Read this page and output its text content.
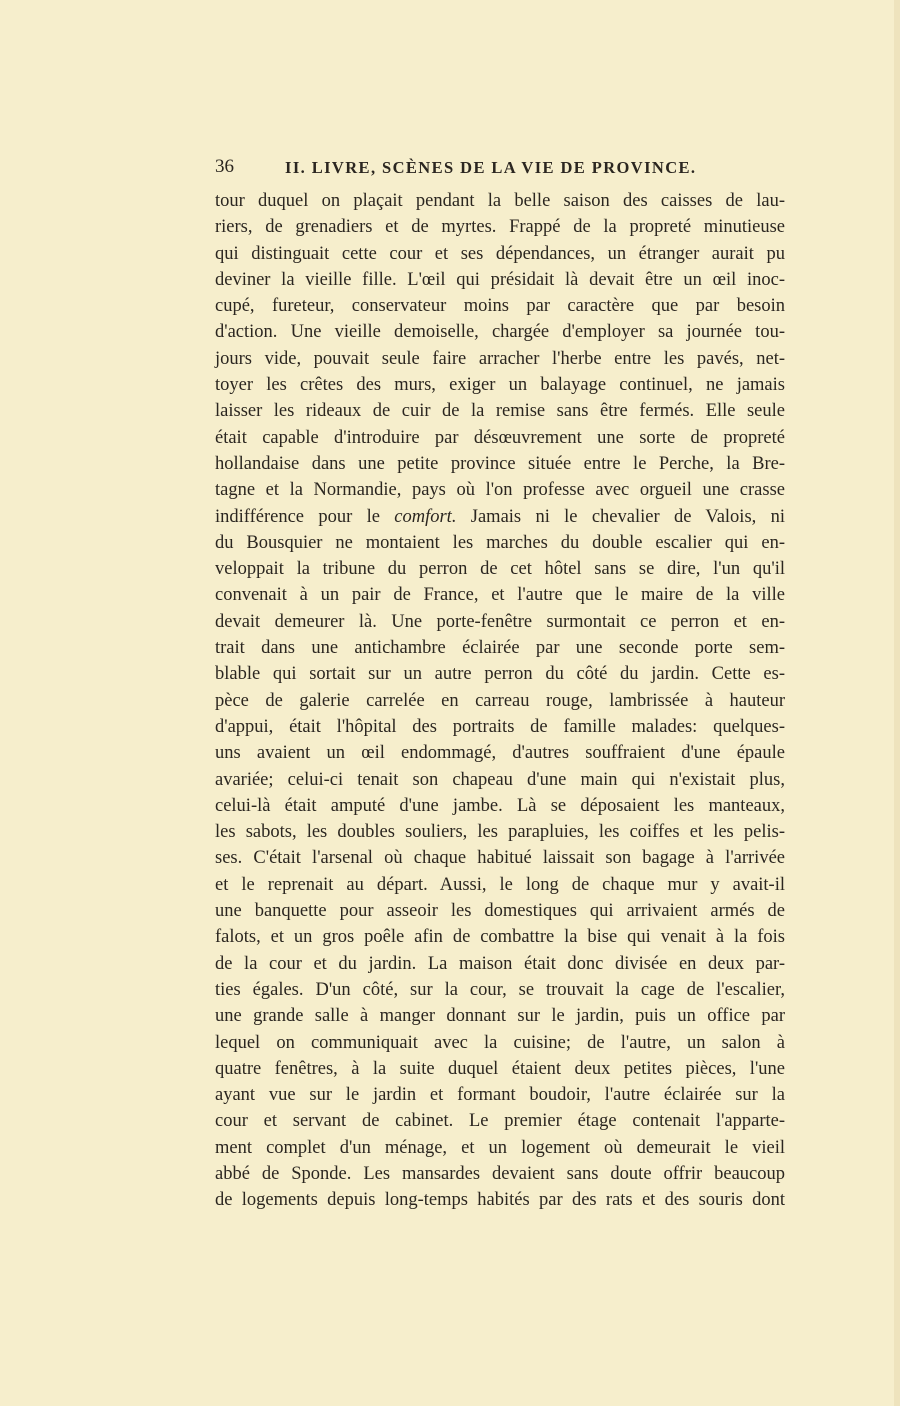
36	II. LIVRE, SCÈNES DE LA VIE DE PROVINCE.
tour duquel on plaçait pendant la belle saison des caisses de lau-
riers, de grenadiers et de myrtes. Frappé de la propreté minutieuse
qui distinguait cette cour et ses dépendances, un étranger aurait pu
deviner la vieille fille. L'œil qui présidait là devait être un œil inoc-
cupé, fureteur, conservateur moins par caractère que par besoin
d'action. Une vieille demoiselle, chargée d'employer sa journée tou-
jours vide, pouvait seule faire arracher l'herbe entre les pavés, net-
toyer les crêtes des murs, exiger un balayage continuel, ne jamais
laisser les rideaux de cuir de la remise sans être fermés. Elle seule
était capable d'introduire par désœuvrement une sorte de propreté
hollandaise dans une petite province située entre le Perche, la Bre-
tagne et la Normandie, pays où l'on professe avec orgueil une crasse
indifférence pour le comfort. Jamais ni le chevalier de Valois, ni
du Bousquier ne montaient les marches du double escalier qui en-
veloppait la tribune du perron de cet hôtel sans se dire, l'un qu'il
convenait à un pair de France, et l'autre que le maire de la ville
devait demeurer là. Une porte-fenêtre surmontait ce perron et en-
trait dans une antichambre éclairée par une seconde porte sem-
blable qui sortait sur un autre perron du côté du jardin. Cette es-
pèce de galerie carrelée en carreau rouge, lambrissée à hauteur
d'appui, était l'hôpital des portraits de famille malades: quelques-
uns avaient un œil endommagé, d'autres souffraient d'une épaule
avariée; celui-ci tenait son chapeau d'une main qui n'existait plus,
celui-là était amputé d'une jambe. Là se déposaient les manteaux,
les sabots, les doubles souliers, les parapluies, les coiffes et les pelis-
ses. C'était l'arsenal où chaque habitué laissait son bagage à l'arrivée
et le reprenait au départ. Aussi, le long de chaque mur y avait-il
une banquette pour asseoir les domestiques qui arrivaient armés de
falots, et un gros poêle afin de combattre la bise qui venait à la fois
de la cour et du jardin. La maison était donc divisée en deux par-
ties égales. D'un côté, sur la cour, se trouvait la cage de l'escalier,
une grande salle à manger donnant sur le jardin, puis un office par
lequel on communiquait avec la cuisine; de l'autre, un salon à
quatre fenêtres, à la suite duquel étaient deux petites pièces, l'une
ayant vue sur le jardin et formant boudoir, l'autre éclairée sur la
cour et servant de cabinet. Le premier étage contenait l'apparte-
ment complet d'un ménage, et un logement où demeurait le vieil
abbé de Sponde. Les mansardes devaient sans doute offrir beaucoup
de logements depuis long-temps habités par des rats et des souris dont
